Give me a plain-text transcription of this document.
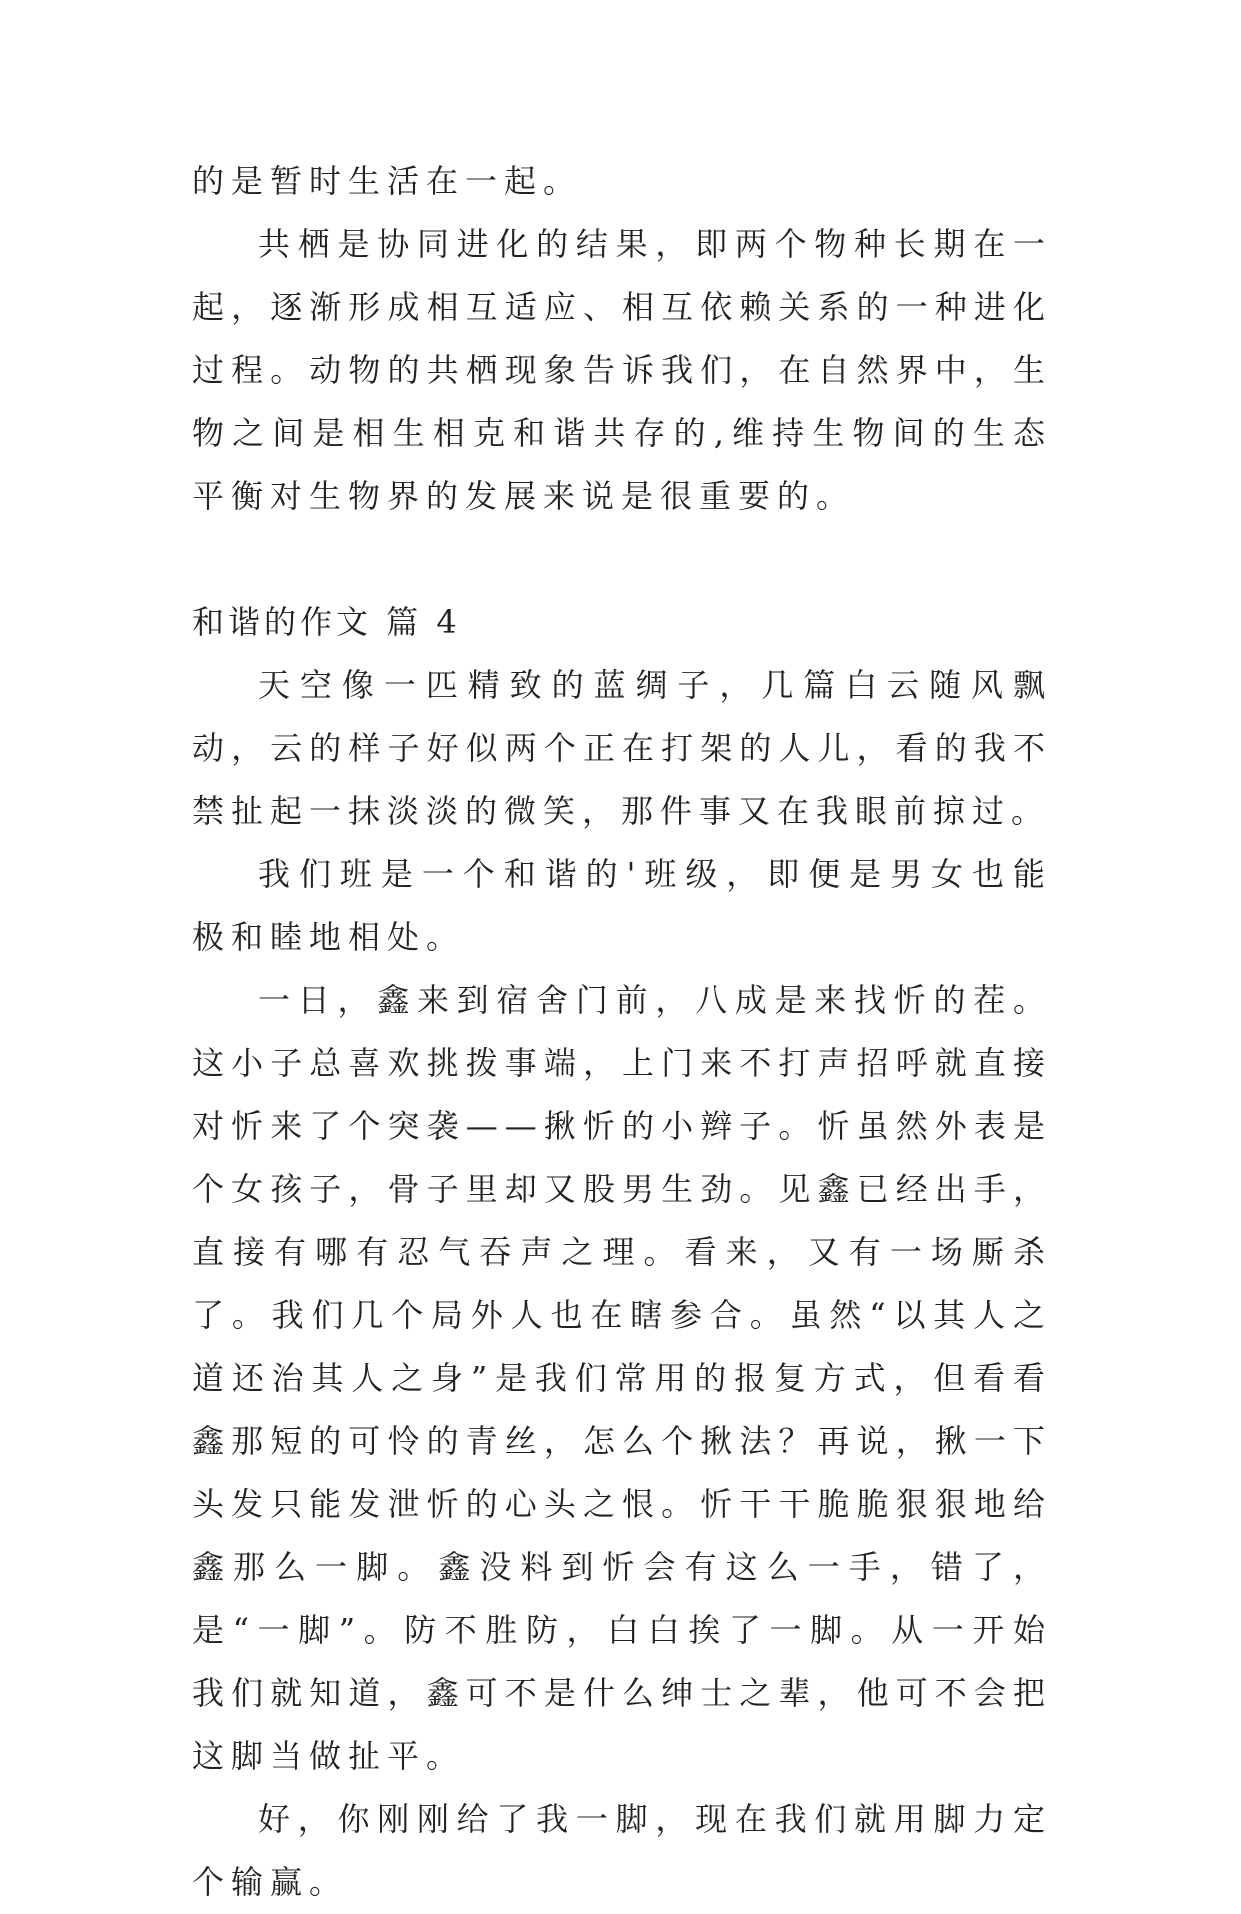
的是暂时生活在一起。

共栖是协同进化的结果，即两个物种长期在一起，逐渐形成相互适应、相互依赖关系的一种进化过程。动物的共栖现象告诉我们，在自然界中，生物之间是相生相克和谐共存的,维持生物间的生态平衡对生物界的发展来说是很重要的。

和谐的作文 篇 4

天空像一匹精致的蓝绸子，几篇白云随风飘动，云的样子好似两个正在打架的人儿，看的我不禁扯起一抹淡淡的微笑，那件事又在我眼前掠过。

我们班是一个和谐的'班级，即便是男女也能极和睦地相处。

一日，鑫来到宿舍门前，八成是来找忻的茬。这小子总喜欢挑拨事端，上门来不打声招呼就直接对忻来了个突袭——揪忻的小辫子。忻虽然外表是个女孩子，骨子里却又股男生劲。见鑫已经出手，直接有哪有忍气吞声之理。看来，又有一场厮杀了。我们几个局外人也在瞎参合。虽然“以其人之道还治其人之身”是我们常用的报复方式，但看看鑫那短的可怜的青丝，怎么个揪法？再说，揪一下头发只能发泄忻的心头之恨。忻干干脆脆狠狠地给鑫那么一脚。鑫没料到忻会有这么一手，错了，是“一脚”。防不胜防，白白挨了一脚。从一开始我们就知道，鑫可不是什么绅士之辈，他可不会把这脚当做扯平。

好，你刚刚给了我一脚，现在我们就用脚力定个输赢。
